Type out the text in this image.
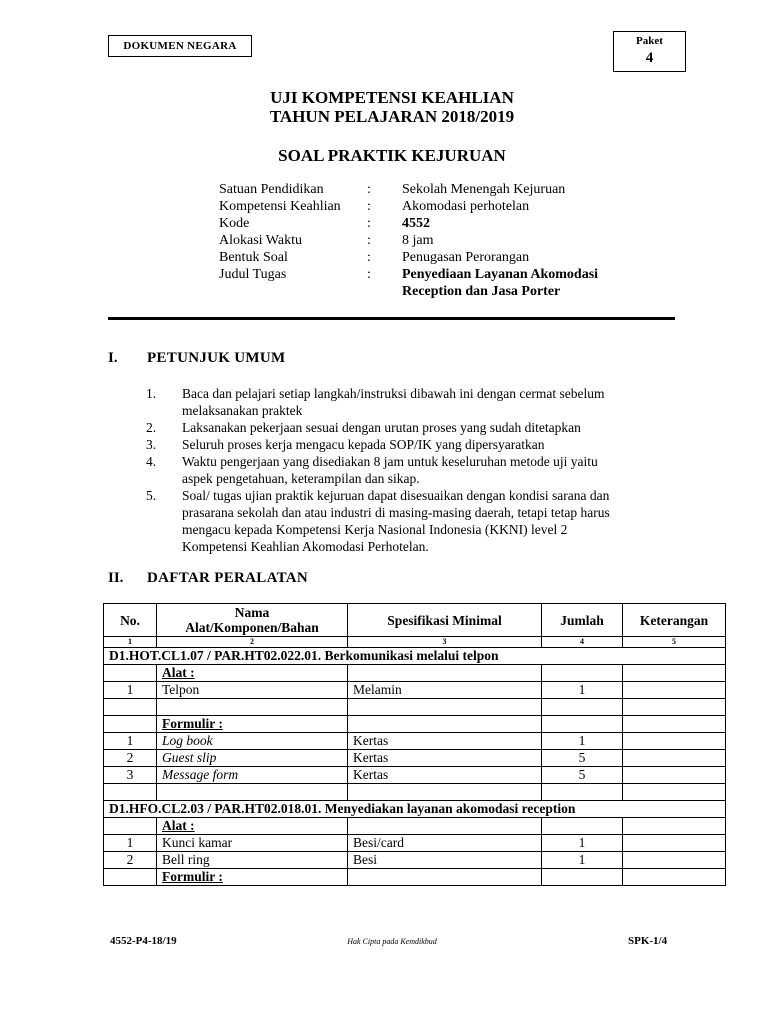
DOKUMEN NEGARA	Paket
4
UJI KOMPETENSI KEAHLIAN
TAHUN PELAJARAN 2018/2019
SOAL PRAKTIK KEJURUAN
Satuan Pendidikan	: Sekolah Menengah Kejuruan
Kompetensi Keahlian : Akomodasi perhotelan
Kode	: 4552
Alokasi Waktu	: 8 jam
Bentuk Soal	: Penugasan Perorangan
Judul Tugas	: Penyediaan Layanan Akomodasi
Reception dan Jasa Porter
I. PETUNJUK UMUM
1. Baca dan pelajari setiap langkah/instruksi dibawah ini dengan cermat sebelum
melaksanakan praktek
2. Laksanakan pekerjaan sesuai dengan urutan proses yang sudah ditetapkan
3. Seluruh proses kerja mengacu kepada SOP/IK yang dipersyaratkan
4. Waktu pengerjaan yang disediakan 8 jam untuk keseluruhan metode uji yaitu
aspek pengetahuan, keterampilan dan sikap.
5. Soal/ tugas ujian praktik kejuruan dapat disesuaikan dengan kondisi sarana dan
prasarana sekolah dan atau industri di masing-masing daerah, tetapi tetap harus
mengacu kepada Kompetensi Kerja Nasional Indonesia (KKNI) level 2
Kompetensi Keahlian Akomodasi Perhotelan.
II. DAFTAR PERALATAN
No.	Nama
Alat/Komponen/Bahan	Spesifikasi Minimal	Jumlah	Keterangan
1	2	3	4	5
D1.HOT.CL1.07 / PAR.HT02.022.01. Berkomunikasi melalui telpon				
	Alat :			
1	Telpon	Melamin	1	

	Formulir :			
1	Log book	Kertas	1	
2	Guest slip	Kertas	5	
3	Message form	Kertas	5	

D1.HFO.CL2.03 / PAR.HT02.018.01. Menyediakan layanan akomodasi reception				
	Alat :			
1	Kunci kamar	Besi/card	1	
2	Bell ring	Besi	1	
	Formulir :			
4552-P4-18/19	Hak Cipta pada Kemdikbud	SPK-1/4
